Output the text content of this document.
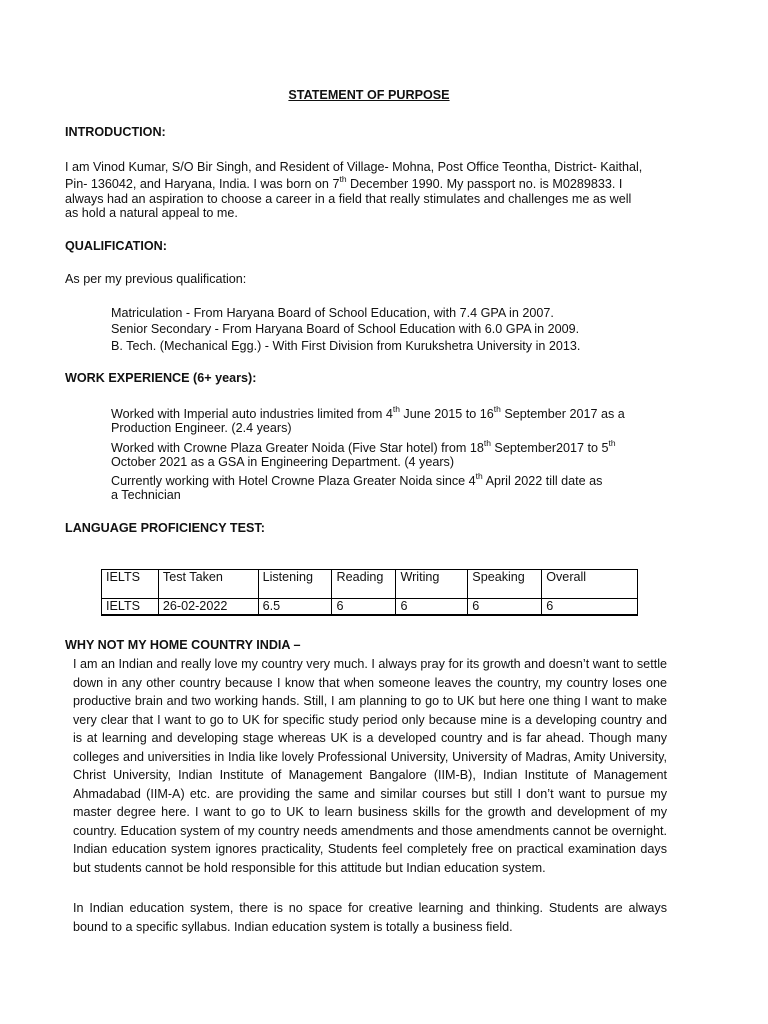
STATEMENT OF PURPOSE
INTRODUCTION:
I am Vinod Kumar, S/O Bir Singh, and Resident of Village- Mohna, Post Office Teontha, District- Kaithal,
Pin- 136042, and Haryana, India. I was born on 7th December 1990. My passport no. is M0289833. I
always had an aspiration to choose a career in a field that really stimulates and challenges me as well
as hold a natural appeal to me.
QUALIFICATION:
As per my previous qualification:
Matriculation - From Haryana Board of School Education, with 7.4 GPA in 2007.
Senior Secondary - From Haryana Board of School Education with 6.0 GPA in 2009.
B. Tech. (Mechanical Egg.) - With First Division from Kurukshetra University in 2013.
WORK EXPERIENCE (6+ years):
Worked with Imperial auto industries limited from 4th June 2015 to 16th September 2017 as a
Production Engineer. (2.4 years)
Worked with Crowne Plaza Greater Noida (Five Star hotel) from 18th September2017 to 5th
October 2021 as a GSA in Engineering Department. (4 years)
Currently working with Hotel Crowne Plaza Greater Noida since 4th April 2022 till date as
a Technician
LANGUAGE PROFICIENCY TEST:
IELTS	Test Taken	Listening	Reading	Writing	Speaking	Overall
IELTS	26-02-2022	6.5	6	6	6	6
WHY NOT MY HOME COUNTRY INDIA –
I am an Indian and really love my country very much. I always pray for its growth and doesn’t want to settle down in any other country because I know that when someone leaves the country, my country loses one productive brain and two working hands. Still, I am planning to go to UK but here one thing I want to make very clear that I want to go to UK for specific study period only because mine is a developing country and is at learning and developing stage whereas UK is a developed country and is far ahead. Though many colleges and universities in India like lovely Professional University, University of Madras, Amity University, Christ University, Indian Institute of Management Bangalore (IIM-B), Indian Institute of Management Ahmadabad (IIM-A) etc. are providing the same and similar courses but still I don’t want to pursue my master degree here. I want to go to UK to learn business skills for the growth and development of my country. Education system of my country needs amendments and those amendments cannot be overnight. Indian education system ignores practicality, Students feel completely free on practical examination days but students cannot be hold responsible for this attitude but Indian education system.
In Indian education system, there is no space for creative learning and thinking. Students are always bound to a specific syllabus. Indian education system is totally a business field.
